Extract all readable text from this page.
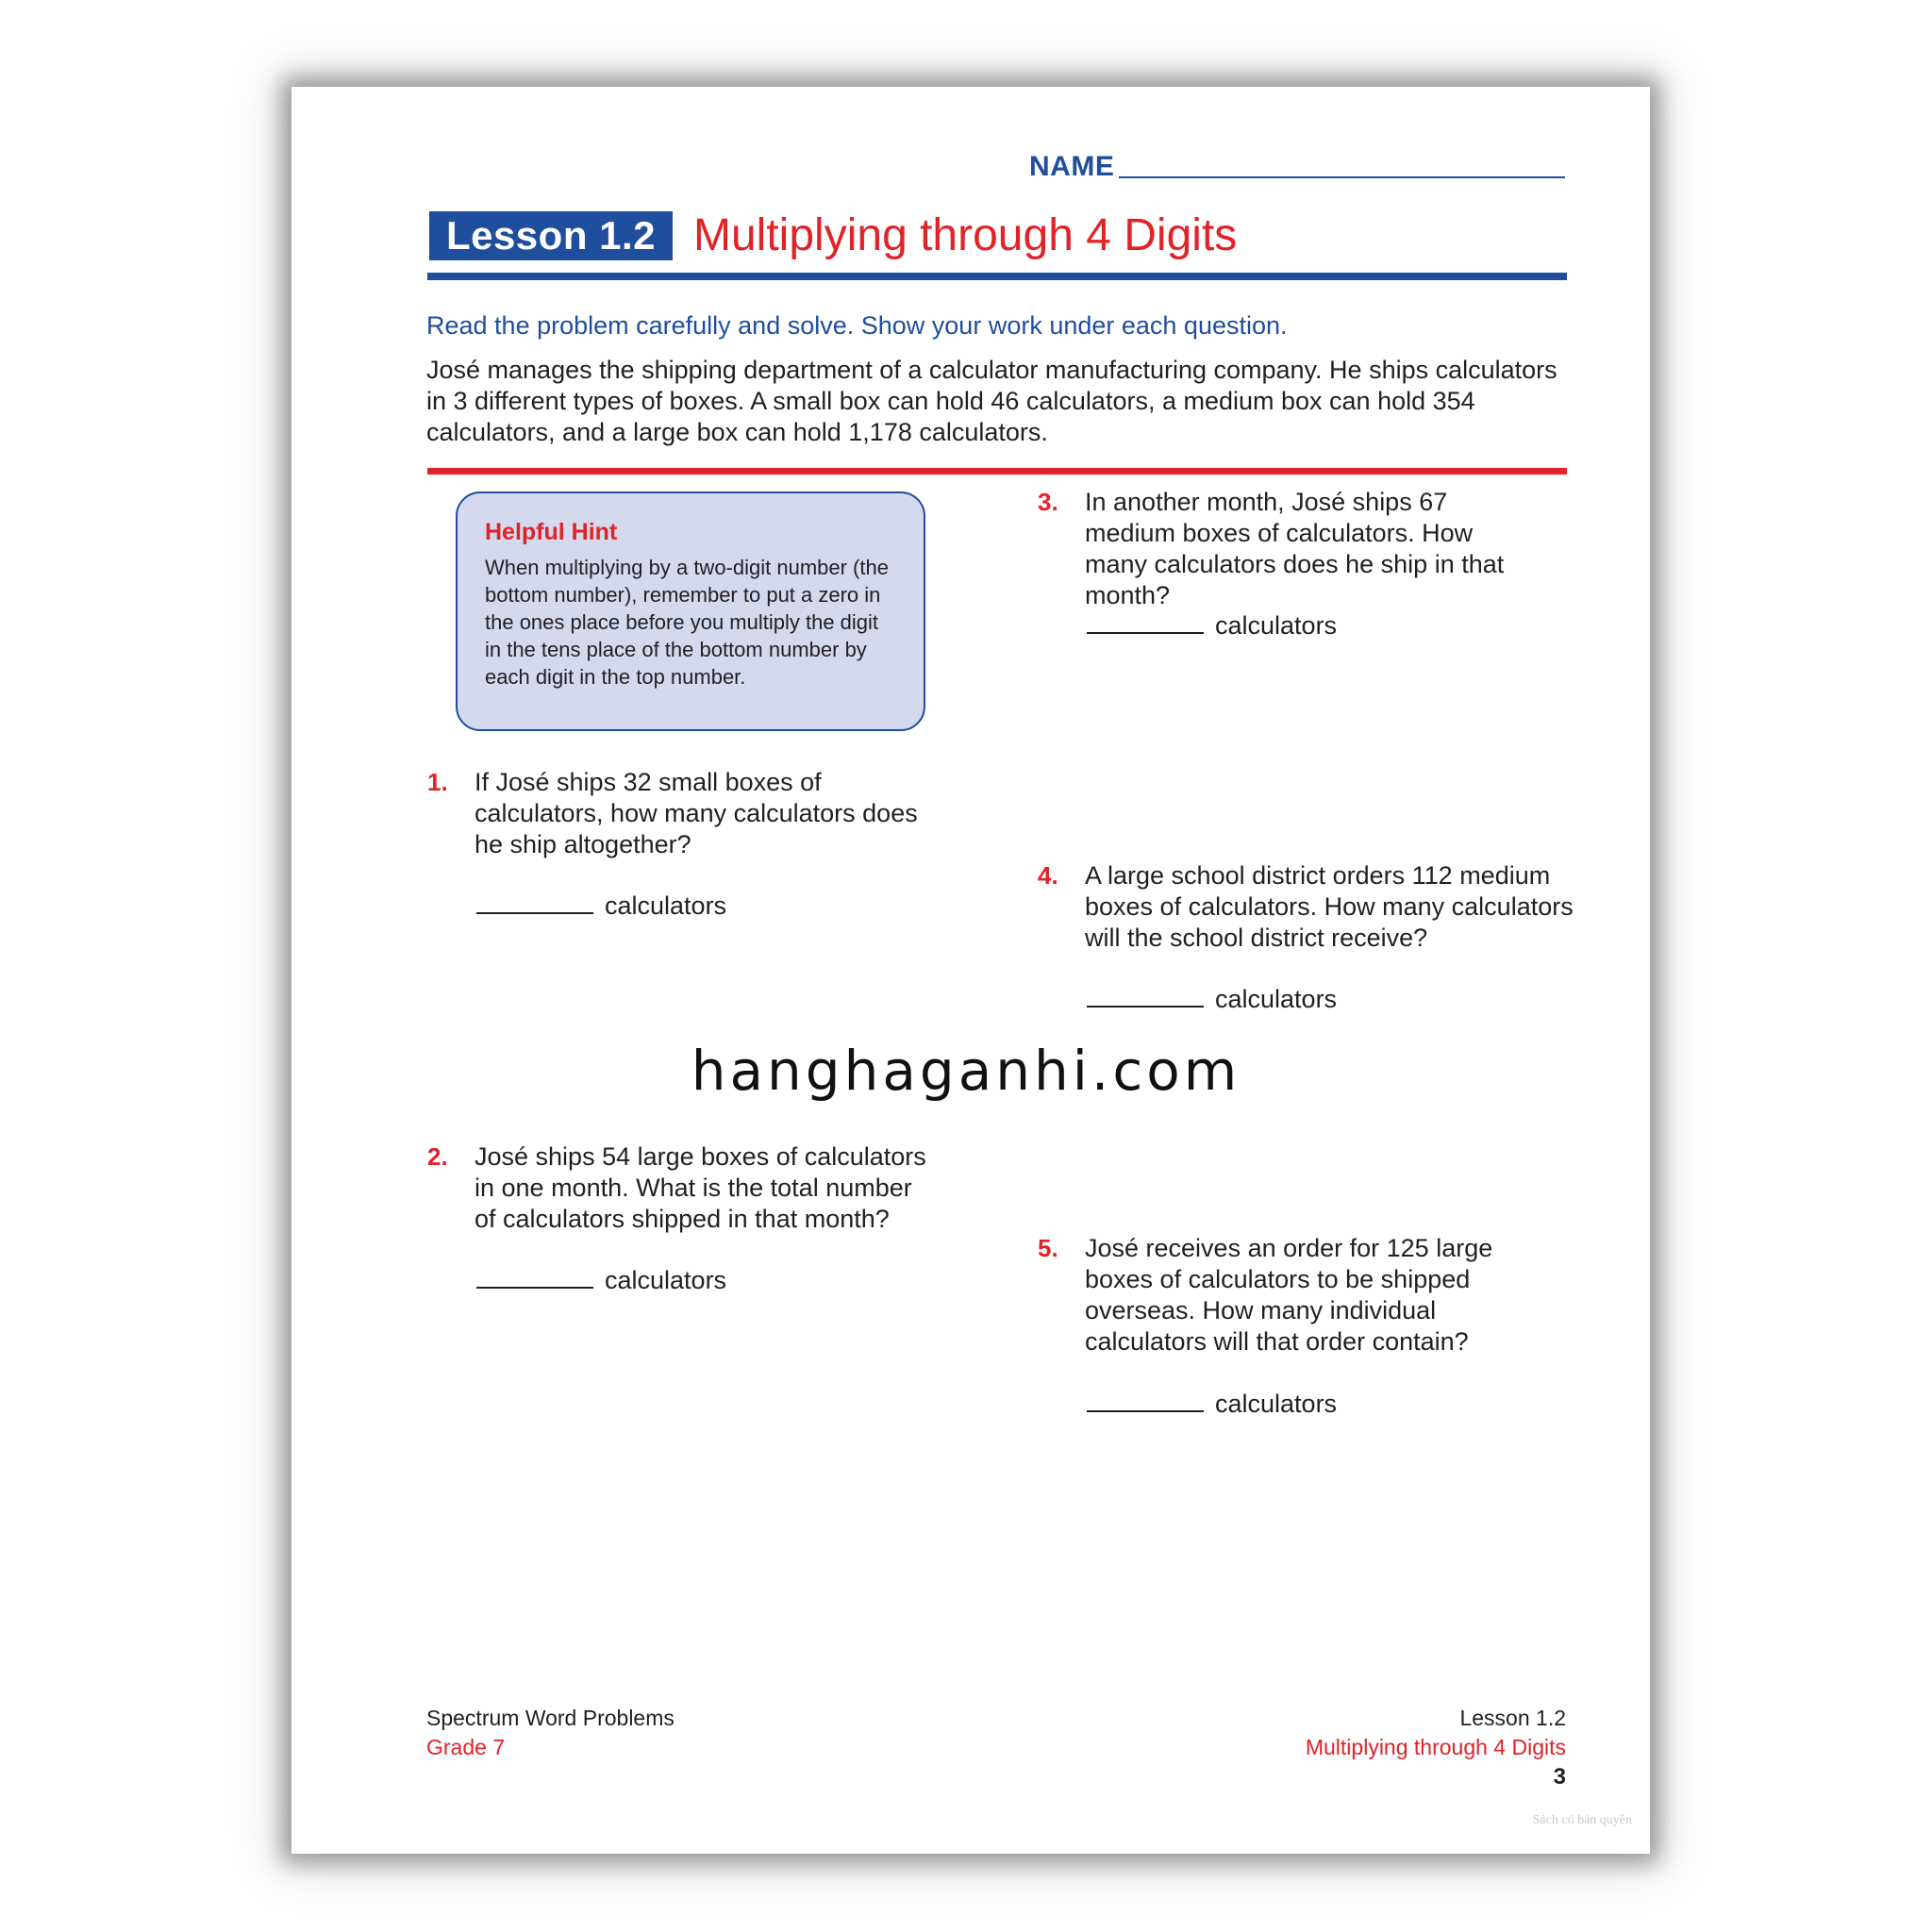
NAME
Lesson 1.2 Multiplying through 4 Digits
Read the problem carefully and solve. Show your work under each question.
José manages the shipping department of a calculator manufacturing company. He ships calculators in 3 different types of boxes. A small box can hold 46 calculators, a medium box can hold 354 calculators, and a large box can hold 1,178 calculators.
Helpful Hint
When multiplying by a two-digit number (the bottom number), remember to put a zero in the ones place before you multiply the digit in the tens place of the bottom number by each digit in the top number.
1. If José ships 32 small boxes of calculators, how many calculators does he ship altogether?
calculators
2. José ships 54 large boxes of calculators in one month. What is the total number of calculators shipped in that month?
calculators
3. In another month, José ships 67 medium boxes of calculators. How many calculators does he ship in that month?
calculators
4. A large school district orders 112 medium boxes of calculators. How many calculators will the school district receive?
calculators
5. José receives an order for 125 large boxes of calculators to be shipped overseas. How many individual calculators will that order contain?
calculators
hanghaganhi.com
Spectrum Word Problems
Grade 7
Lesson 1.2
Multiplying through 4 Digits
3
Sách có bản quyền
